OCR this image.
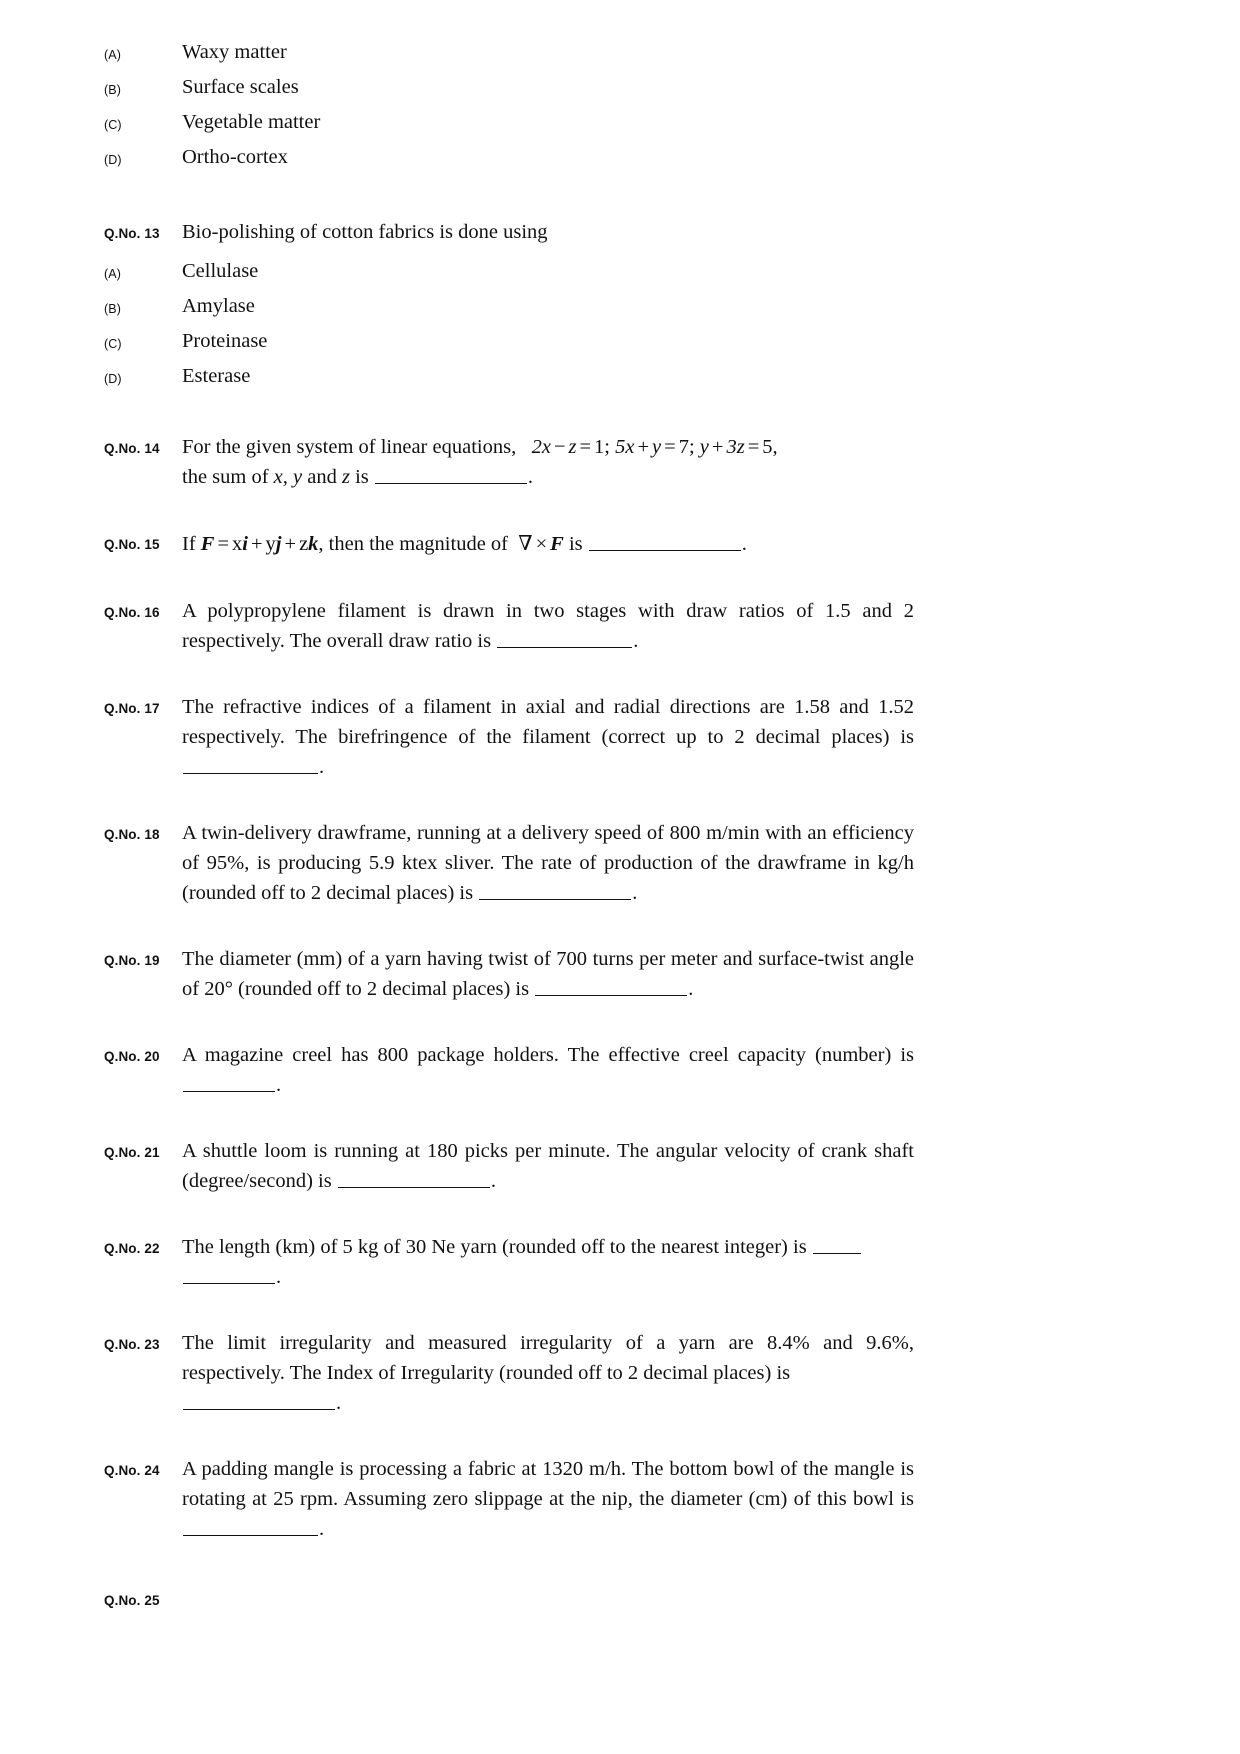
(A)	Waxy matter
(B)	Surface scales
(C)	Vegetable matter
(D)	Ortho-cortex
Q.No. 13	Bio-polishing of cotton fabrics is done using
(A)	Cellulase
(B)	Amylase
(C)	Proteinase
(D)	Esterase
Q.No. 14	For the given system of linear equations, 2x − z = 1; 5x + y = 7; y + 3z = 5,
the sum of x, y and z is	.
Q.No. 15	If F = xi + yj + zk, then the magnitude of ∇ × F is	.
Q.No. 16	A polypropylene filament is drawn in two stages with draw ratios of 1.5 and 2 respectively. The overall draw ratio is	.
Q.No. 17	The refractive indices of a filament in axial and radial directions are 1.58 and 1.52 respectively. The birefringence of the filament (correct up to 2 decimal places) is.
Q.No. 18	A twin-delivery drawframe, running at a delivery speed of 800 m/min with an efficiency of 95%, is producing 5.9 ktex sliver. The rate of production of the drawframe in kg/h (rounded off to 2 decimal places) is	.
Q.No. 19	The diameter (mm) of a yarn having twist of 700 turns per meter and surface-twist angle of 20° (rounded off to 2 decimal places) is	.
Q.No. 20	A magazine creel has 800 package holders. The effective creel capacity (number) is .
Q.No. 21	A shuttle loom is running at 180 picks per minute. The angular velocity of crank shaft (degree/second) is	.
Q.No. 22	The length (km) of 5 kg of 30 Ne yarn (rounded off to the nearest integer) is
.
Q.No. 23	The limit irregularity and measured irregularity of a yarn are 8.4% and 9.6%, respectively. The Index of Irregularity (rounded off to 2 decimal places) is
.
Q.No. 24	A padding mangle is processing a fabric at 1320 m/h. The bottom bowl of the mangle is rotating at 25 rpm. Assuming zero slippage at the nip, the diameter (cm) of this bowl is .
Q.No. 25
